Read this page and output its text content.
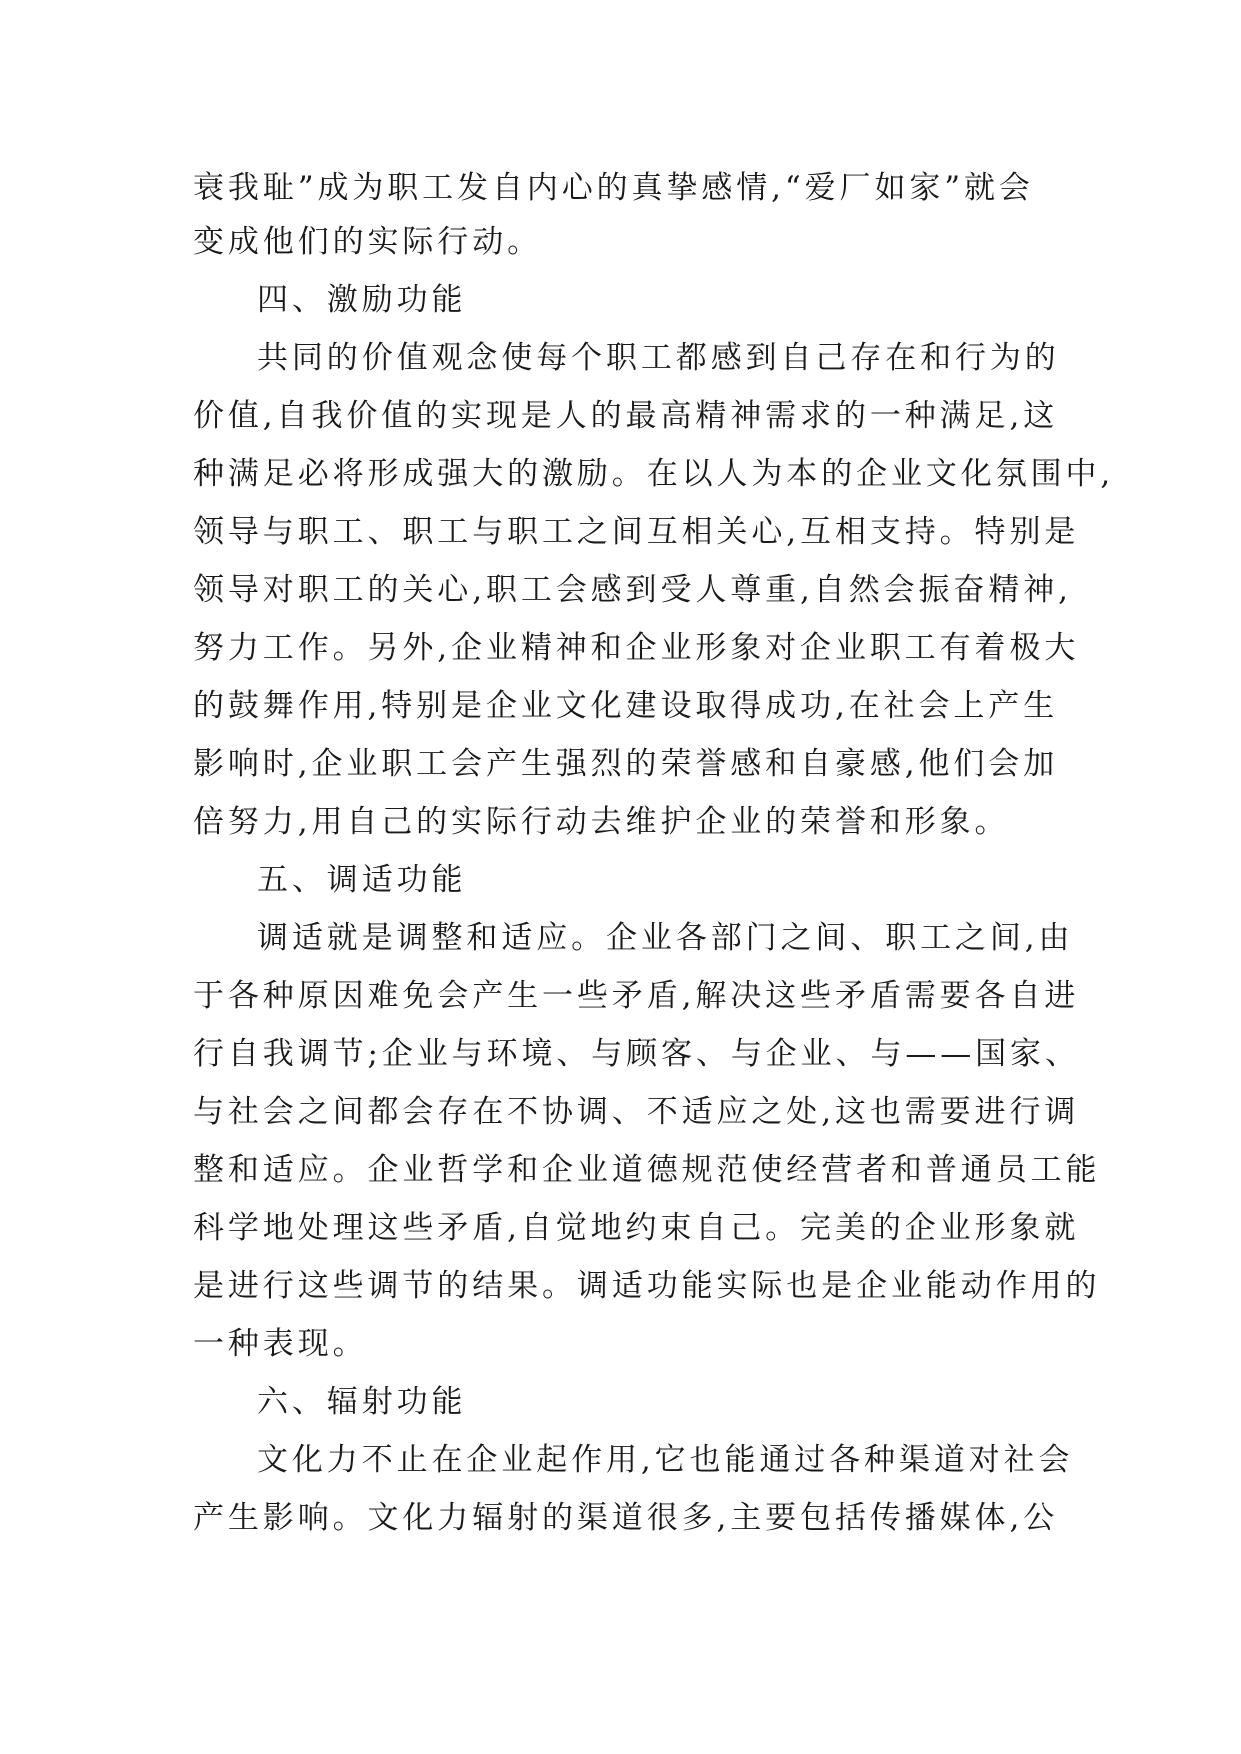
衰我耻”成为职工发自内心的真挚感情,“爱厂如家”就会
变成他们的实际行动。
四、激励功能
共同的价值观念使每个职工都感到自己存在和行为的
价值,自我价值的实现是人的最高精神需求的一种满足,这
种满足必将形成强大的激励。在以人为本的企业文化氛围中,
领导与职工、职工与职工之间互相关心,互相支持。特别是
领导对职工的关心,职工会感到受人尊重,自然会振奋精神,
努力工作。另外,企业精神和企业形象对企业职工有着极大
的鼓舞作用,特别是企业文化建设取得成功,在社会上产生
影响时,企业职工会产生强烈的荣誉感和自豪感,他们会加
倍努力,用自己的实际行动去维护企业的荣誉和形象。
五、调适功能
调适就是调整和适应。企业各部门之间、职工之间,由
于各种原因难免会产生一些矛盾,解决这些矛盾需要各自进
行自我调节;企业与环境、与顾客、与企业、与——国家、
与社会之间都会存在不协调、不适应之处,这也需要进行调
整和适应。企业哲学和企业道德规范使经营者和普通员工能
科学地处理这些矛盾,自觉地约束自己。完美的企业形象就
是进行这些调节的结果。调适功能实际也是企业能动作用的
一种表现。
六、辐射功能
文化力不止在企业起作用,它也能通过各种渠道对社会
产生影响。文化力辐射的渠道很多,主要包括传播媒体,公
